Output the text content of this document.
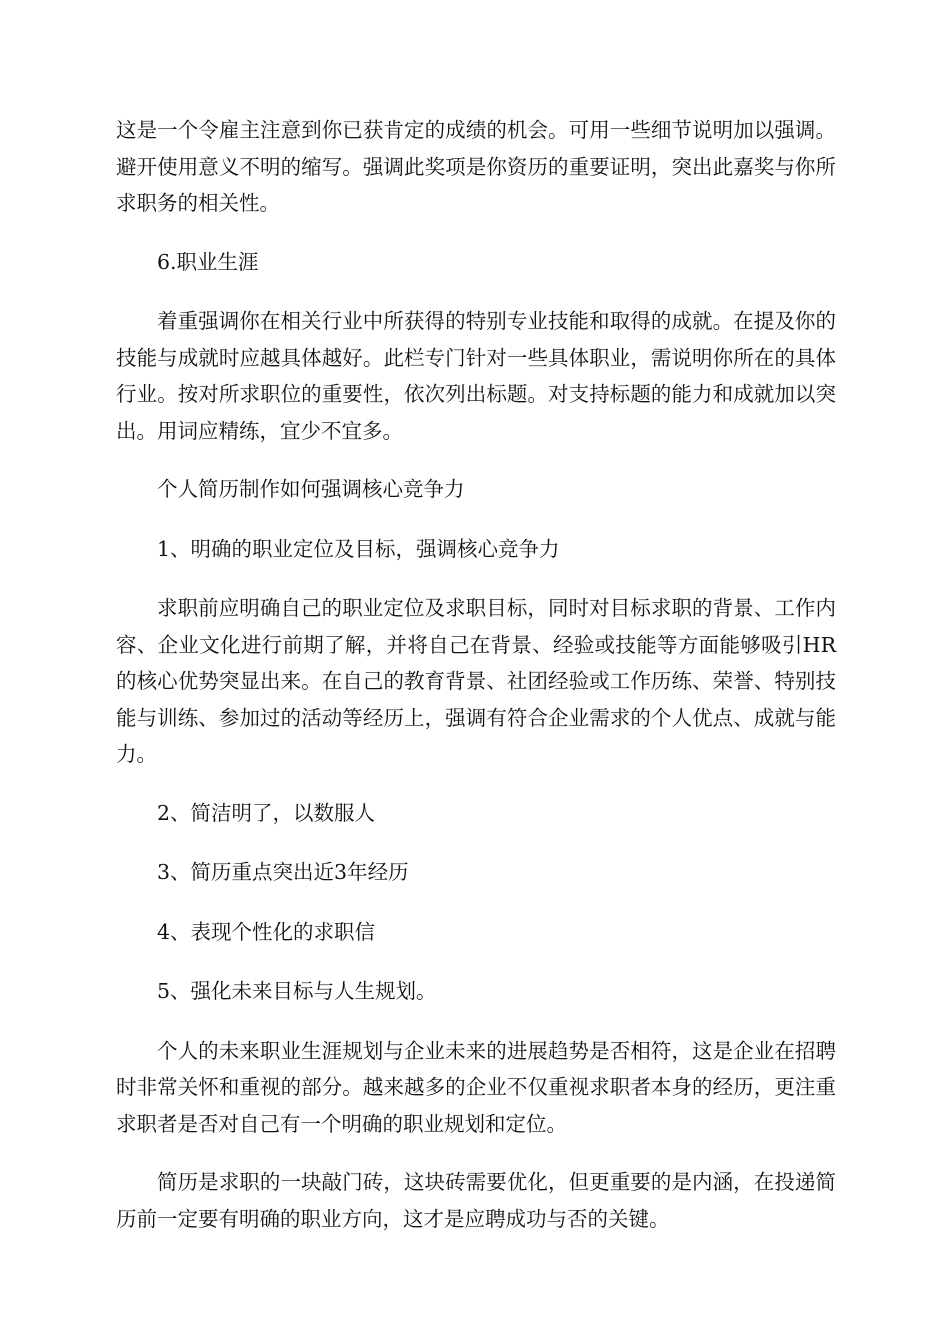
这是一个令雇主注意到你已获肯定的成绩的机会。可用一些细节说明加以强调。避开使用意义不明的缩写。强调此奖项是你资历的重要证明，突出此嘉奖与你所求职务的相关性。

6.职业生涯

着重强调你在相关行业中所获得的特别专业技能和取得的成就。在提及你的技能与成就时应越具体越好。此栏专门针对一些具体职业，需说明你所在的具体行业。按对所求职位的重要性，依次列出标题。对支持标题的能力和成就加以突出。用词应精练，宜少不宜多。

个人简历制作如何强调核心竞争力

1、明确的职业定位及目标，强调核心竞争力

求职前应明确自己的职业定位及求职目标，同时对目标求职的背景、工作内容、企业文化进行前期了解，并将自己在背景、经验或技能等方面能够吸引HR的核心优势突显出来。在自己的教育背景、社团经验或工作历练、荣誉、特别技能与训练、参加过的活动等经历上，强调有符合企业需求的个人优点、成就与能力。

2、简洁明了，以数服人

3、简历重点突出近3年经历

4、表现个性化的求职信

5、强化未来目标与人生规划。

个人的未来职业生涯规划与企业未来的进展趋势是否相符，这是企业在招聘时非常关怀和重视的部分。越来越多的企业不仅重视求职者本身的经历，更注重求职者是否对自己有一个明确的职业规划和定位。

简历是求职的一块敲门砖，这块砖需要优化，但更重要的是内涵，在投递简历前一定要有明确的职业方向，这才是应聘成功与否的关键。
